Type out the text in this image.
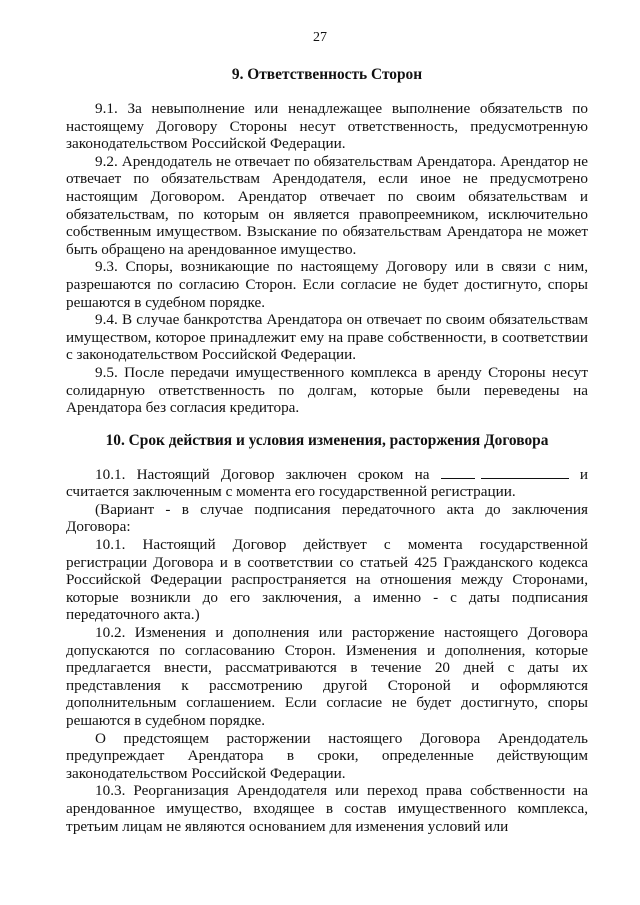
27
9. Ответственность Сторон

9.1. За невыполнение или ненадлежащее выполнение обязательств по настоящему Договору Стороны несут ответственность, предусмотренную законодательством Российской Федерации.

9.2. Арендодатель не отвечает по обязательствам Арендатора. Арендатор не отвечает по обязательствам Арендодателя, если иное не предусмотрено настоящим Договором. Арендатор отвечает по своим обязательствам и обязательствам, по которым он является правопреемником, исключительно собственным имуществом. Взыскание по обязательствам Арендатора не может быть обращено на арендованное имущество.

9.3. Споры, возникающие по настоящему Договору или в связи с ним, разрешаются по согласию Сторон. Если согласие не будет достигнуто, споры решаются в судебном порядке.

9.4. В случае банкротства Арендатора он отвечает по своим обязательствам имуществом, которое принадлежит ему на праве собственности, в соответствии с законодательством Российской Федерации.

9.5. После передачи имущественного комплекса в аренду Стороны несут солидарную ответственность по долгам, которые были переведены на Арендатора без согласия кредитора.

10. Срок действия и условия изменения, расторжения Договора

10.1. Настоящий Договор заключен сроком на	и считается заключенным с момента его государственной регистрации.

(Вариант - в случае подписания передаточного акта до заключения Договора:

10.1. Настоящий Договор действует с момента государственной регистрации Договора и в соответствии со статьей 425 Гражданского кодекса Российской Федерации распространяется на отношения между Сторонами, которые возникли до его заключения, а именно - с даты подписания передаточного акта.)

10.2. Изменения и дополнения или расторжение настоящего Договора допускаются по согласованию Сторон. Изменения и дополнения, которые предлагается внести, рассматриваются в течение 20 дней с даты их представления к рассмотрению другой Стороной и оформляются дополнительным соглашением. Если согласие не будет достигнуто, споры решаются в судебном порядке.

О предстоящем расторжении настоящего Договора Арендодатель предупреждает Арендатора в сроки, определенные действующим законодательством Российской Федерации.

10.3. Реорганизация Арендодателя или переход права собственности на арендованное имущество, входящее в состав имущественного комплекса, третьим лицам не являются основанием для изменения условий или
